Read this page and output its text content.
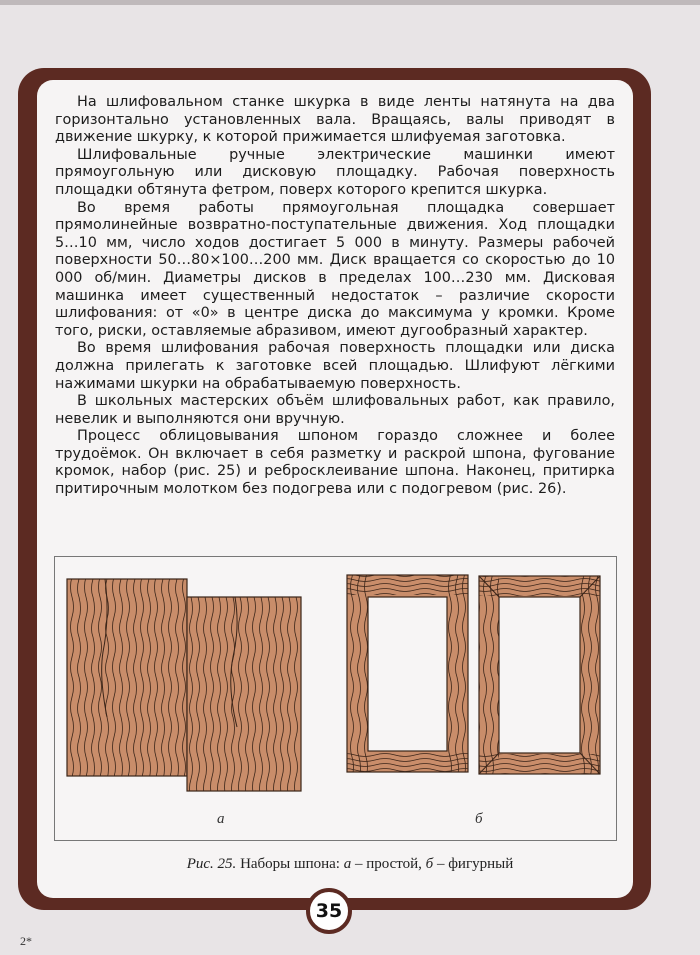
На шлифовальном станке шкурка в виде ленты натянута на два горизонтально установленных вала. Вращаясь, валы приводят в движение шкурку, к которой прижимается шлифуемая заготовка.

Шлифовальные ручные электрические машинки имеют прямоугольную или дисковую площадку. Рабочая поверхность площадки обтянута фетром, поверх которого крепится шкурка.

Во время работы прямоугольная площадка совершает прямолинейные возвратно-поступательные движения. Ход площадки 5…10 мм, число ходов достигает 5 000 в минуту. Размеры рабочей поверхности 50…80×100…200 мм. Диск вращается со скоростью до 10 000 об/мин. Диаметры дисков в пределах 100…230 мм. Дисковая машинка имеет существенный недостаток – различие скорости шлифования: от «0» в центре диска до максимума у кромки. Кроме того, риски, оставляемые абразивом, имеют дугообразный характер.

Во время шлифования рабочая поверхность площадки или диска должна прилегать к заготовке всей площадью. Шлифуют лёгкими нажимами шкурки на обрабатываемую поверхность.

В школьных мастерских объём шлифовальных работ, как правило, невелик и выполняются они вручную.

Процесс облицовывания шпоном гораздо сложнее и более трудоёмок. Он включает в себя разметку и раскрой шпона, фугование кромок, набор (рис. 25) и ребросклеивание шпона. Наконец, притирка притирочным молотком без подогрева или с подогревом (рис. 26).

а	б
Рис. 25. Наборы шпона: а – простой, б – фигурный
35
2*
